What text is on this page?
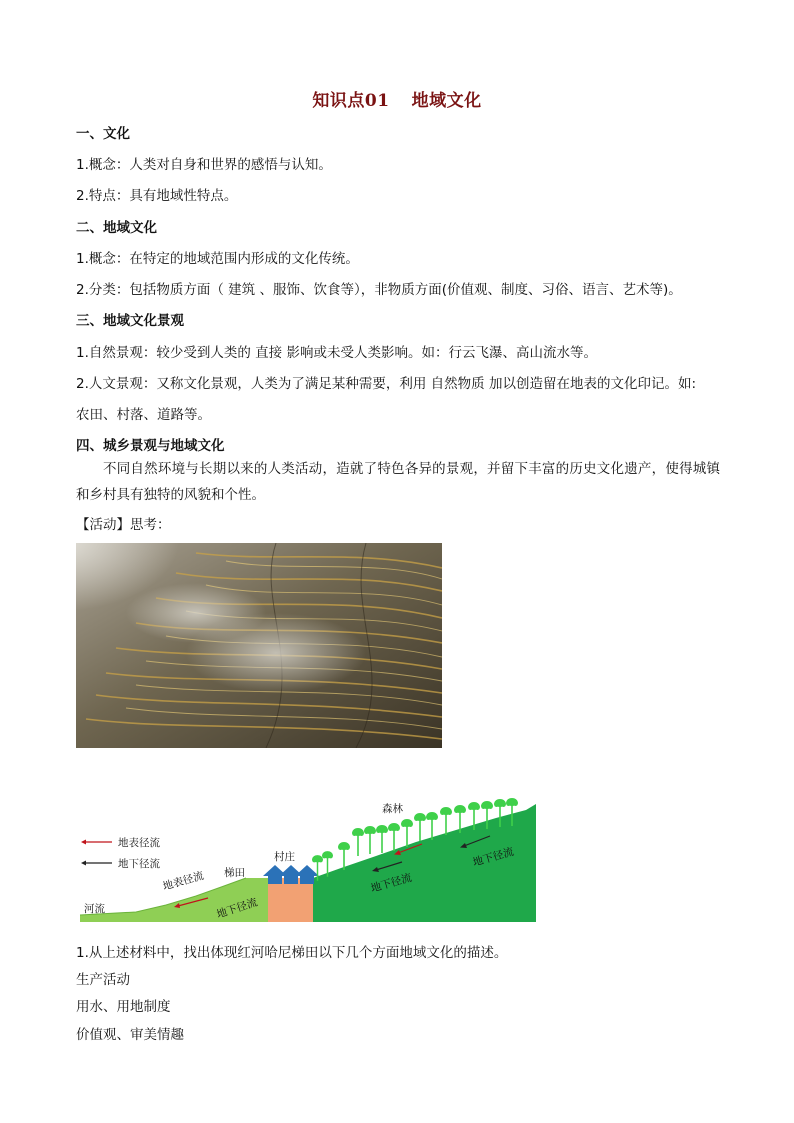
知识点01 地域文化
一、文化
1.概念：人类对自身和世界的感悟与认知。
2.特点：具有地域性特点。
二、地域文化
1.概念：在特定的地域范围内形成的文化传统。
2.分类：包括物质方面（ 建筑 、服饰、饮食等），非物质方面(价值观、制度、习俗、语言、艺术等)。
三、地域文化景观
1.自然景观：较少受到人类的 直接 影响或未受人类影响。如：行云飞瀑、高山流水等。
2.人文景观：又称文化景观，人类为了满足某种需要，利用 自然物质 加以创造留在地表的文化印记。如:
农田、村落、道路等。
四、城乡景观与地域文化
不同自然环境与长期以来的人类活动，造就了特色各异的景观，并留下丰富的历史文化遗产，使得城镇和乡村具有独特的风貌和个性。
【活动】思考：
地表径流
地下径流
河流
梯田
村庄
森林
地表径流
地下径流
地下径流
地下径流
1.从上述材料中，找出体现红河哈尼梯田以下几个方面地域文化的描述。
生产活动
用水、用地制度
价值观、审美情趣
